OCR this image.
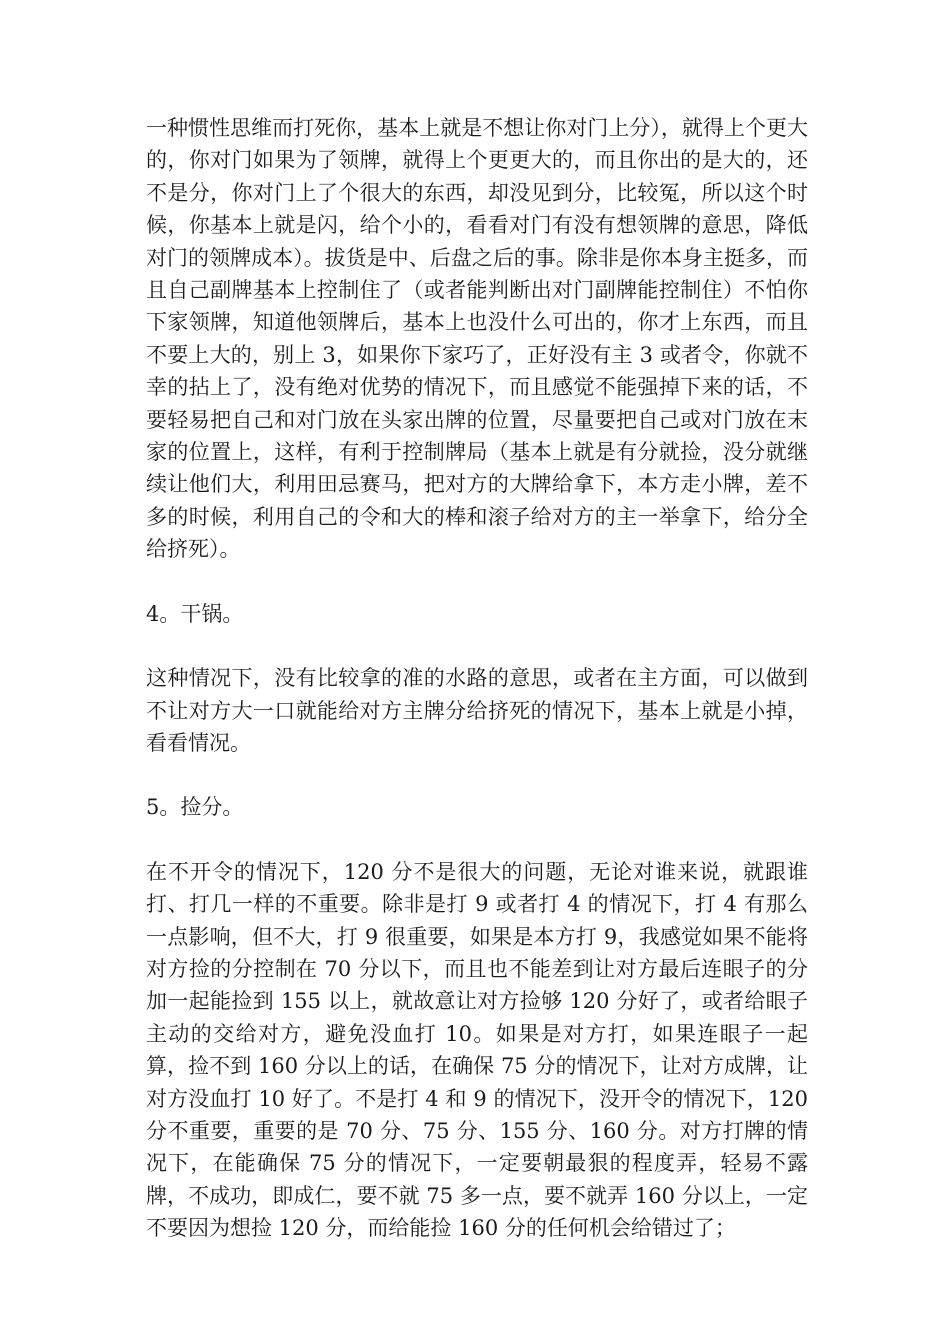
一种惯性思维而打死你，基本上就是不想让你对门上分），就得上个更大的，你对门如果为了领牌，就得上个更更大的，而且你出的是大的，还不是分，你对门上了个很大的东西，却没见到分，比较冤，所以这个时候，你基本上就是闪，给个小的，看看对门有没有想领牌的意思，降低对门的领牌成本）。拔货是中、后盘之后的事。除非是你本身主挺多，而且自己副牌基本上控制住了（或者能判断出对门副牌能控制住）不怕你下家领牌，知道他领牌后，基本上也没什么可出的，你才上东西，而且不要上大的，别上 3，如果你下家巧了，正好没有主 3 或者令，你就不幸的拈上了，没有绝对优势的情况下，而且感觉不能强掉下来的话，不要轻易把自己和对门放在头家出牌的位置，尽量要把自己或对门放在末家的位置上，这样，有利于控制牌局（基本上就是有分就捡，没分就继续让他们大，利用田忌赛马，把对方的大牌给拿下，本方走小牌，差不多的时候，利用自己的令和大的棒和滚子给对方的主一举拿下，给分全给挤死）。

4。干锅。

这种情况下，没有比较拿的准的水路的意思，或者在主方面，可以做到不让对方大一口就能给对方主牌分给挤死的情况下，基本上就是小掉，看看情况。

5。捡分。

在不开令的情况下，120 分不是很大的问题，无论对谁来说，就跟谁打、打几一样的不重要。除非是打 9 或者打 4 的情况下，打 4 有那么一点影响，但不大，打 9 很重要，如果是本方打 9，我感觉如果不能将对方捡的分控制在 70 分以下，而且也不能差到让对方最后连眼子的分加一起能捡到 155 以上，就故意让对方捡够 120 分好了，或者给眼子主动的交给对方，避免没血打 10。如果是对方打，如果连眼子一起算，捡不到 160 分以上的话，在确保 75 分的情况下，让对方成牌，让对方没血打 10 好了。不是打 4 和 9 的情况下，没开令的情况下，120 分不重要，重要的是 70 分、75 分、155 分、160 分。对方打牌的情况下，在能确保 75 分的情况下，一定要朝最狠的程度弄，轻易不露牌，不成功，即成仁，要不就 75 多一点，要不就弄 160 分以上，一定不要因为想捡 120 分，而给能捡 160 分的任何机会给错过了；
